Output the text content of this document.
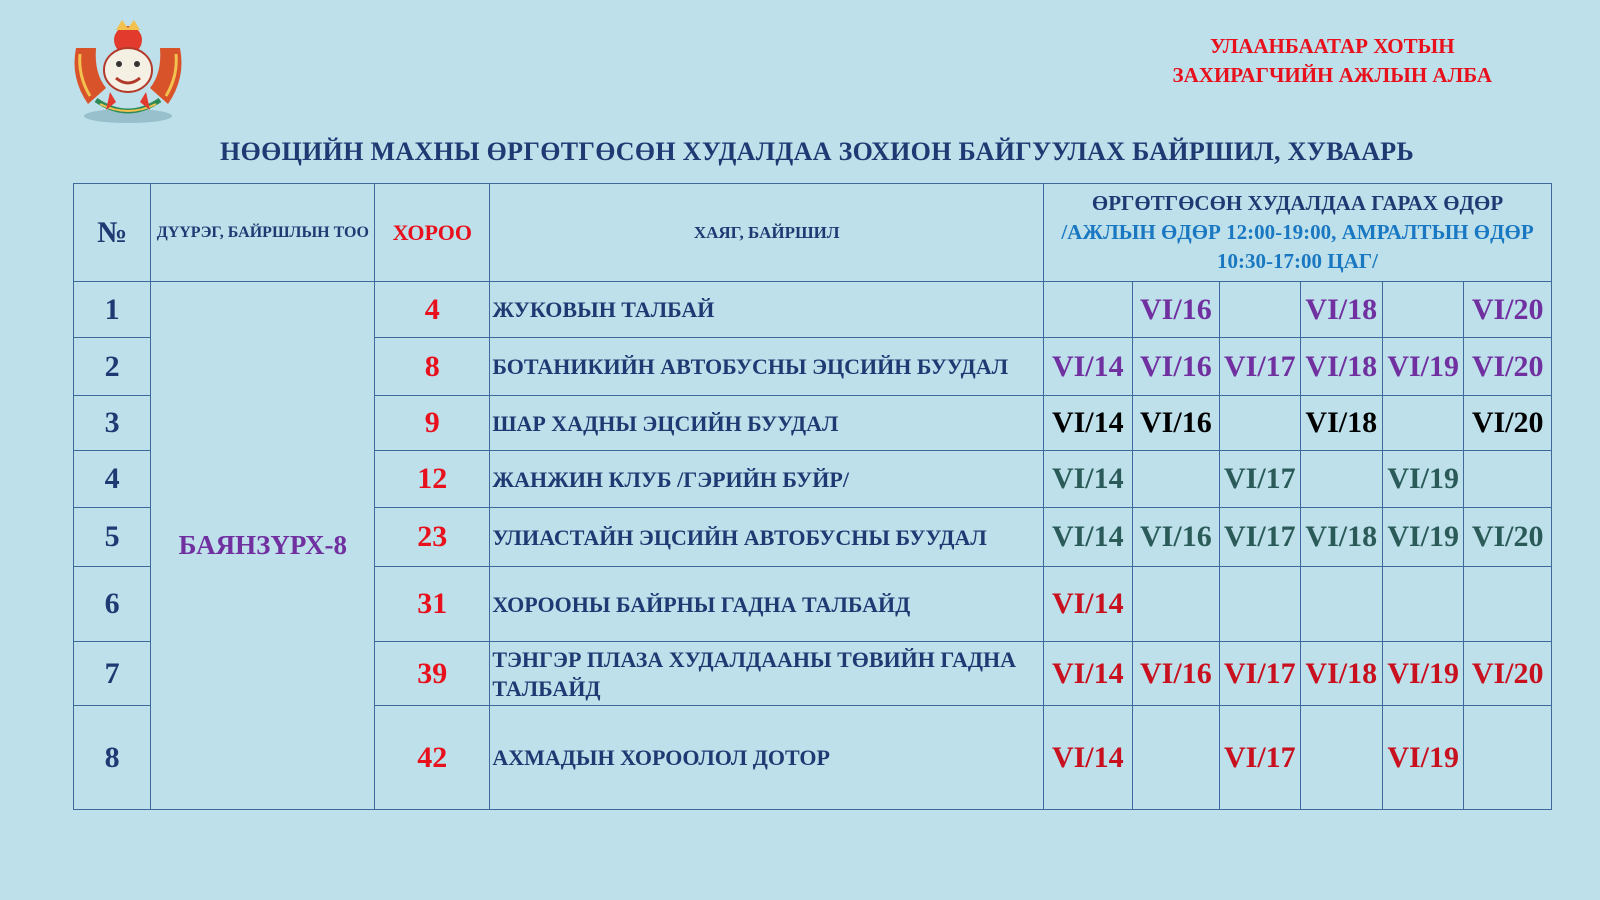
УЛААНБААТАР ХОТЫН
ЗАХИРАГЧИЙН АЖЛЫН АЛБА
НӨӨЦИЙН МАХНЫ ӨРГӨТГӨСӨН ХУДАЛДАА ЗОХИОН БАЙГУУЛАХ БАЙРШИЛ, ХУВААРЬ
№	ДҮҮРЭГ, БАЙРШЛЫН ТОО	ХОРОО	ХАЯГ, БАЙРШИЛ	ӨРГӨТГӨСӨН ХУДАЛДАА ГАРАХ ӨДӨР
/АЖЛЫН ӨДӨР 12:00-19:00, АМРАЛТЫН ӨДӨР 10:30-17:00 ЦАГ/					

1	БАЯНЗҮРХ-8	4	ЖУКОВЫН ТАЛБАЙ		VI/16		VI/18		VI/20
2		8	БОТАНИКИЙН АВТОБУСНЫ ЭЦСИЙН БУУДАЛ	VI/14	VI/16	VI/17	VI/18	VI/19	VI/20
3		9	ШАР ХАДНЫ ЭЦСИЙН БУУДАЛ	VI/14	VI/16		VI/18		VI/20
4		12	ЖАНЖИН КЛУБ /ГЭРИЙН БУЙР/	VI/14		VI/17		VI/19	
5		23	УЛИАСТАЙН ЭЦСИЙН АВТОБУСНЫ БУУДАЛ	VI/14	VI/16	VI/17	VI/18	VI/19	VI/20
6		31	ХОРООНЫ БАЙРНЫ ГАДНА ТАЛБАЙД	VI/14					
7		39	ТЭНГЭР ПЛАЗА ХУДАЛДААНЫ ТӨВИЙН ГАДНА ТАЛБАЙД	VI/14	VI/16	VI/17	VI/18	VI/19	VI/20
8		42	АХМАДЫН ХОРООЛОЛ ДОТОР	VI/14		VI/17		VI/19	
